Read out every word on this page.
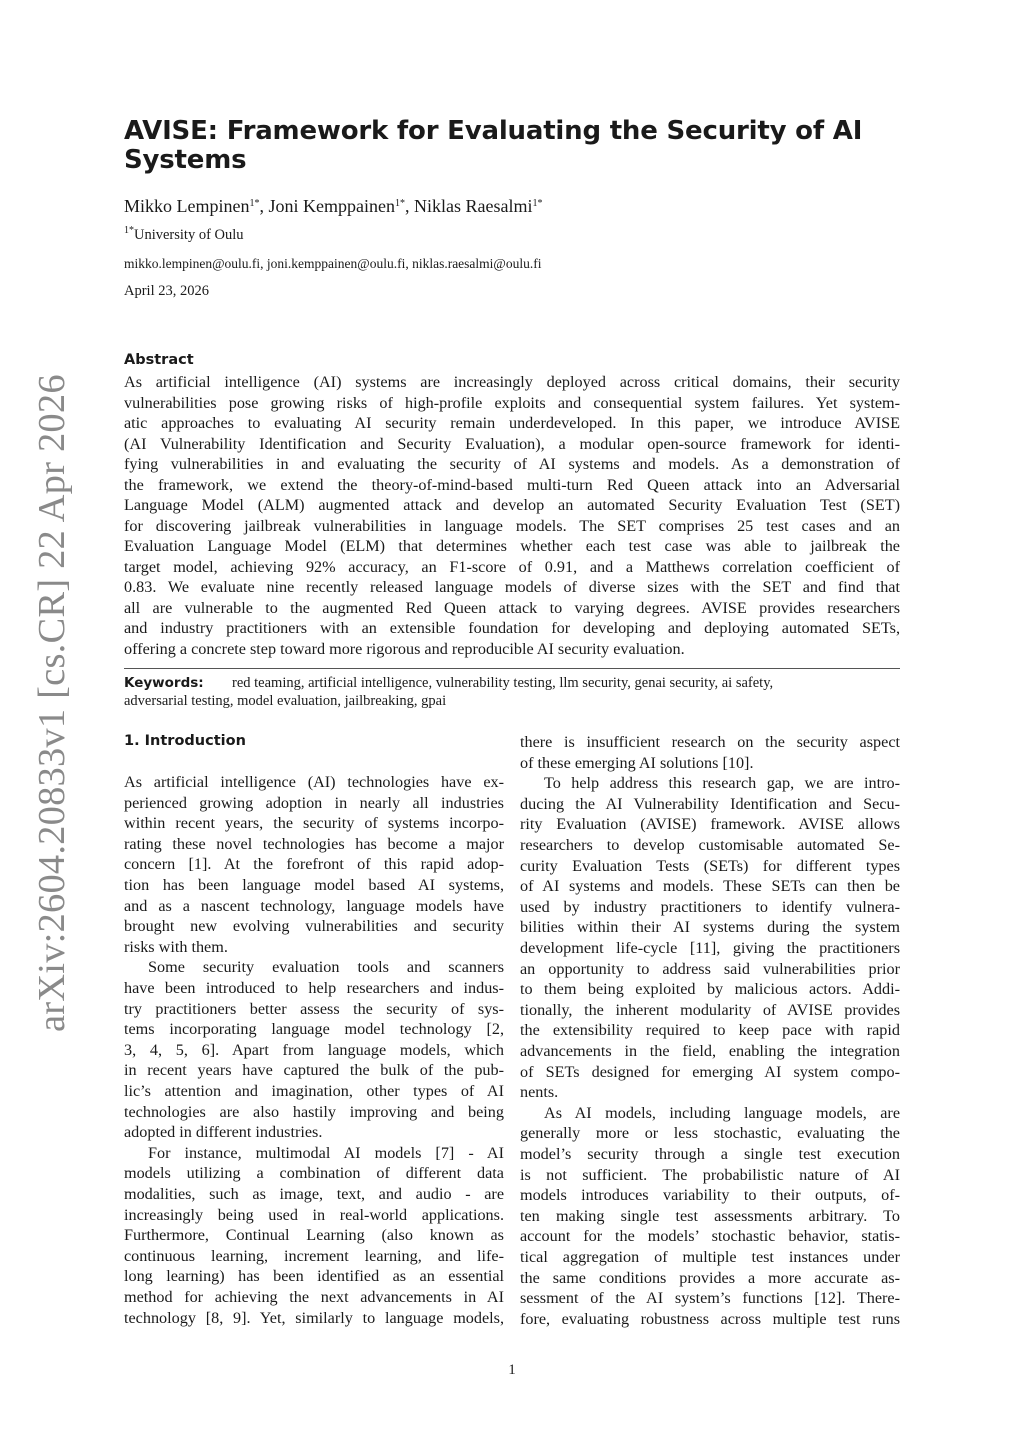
arXiv:2604.20833v1 [cs.CR] 22 Apr 2026
AVISE: Framework for Evaluating the Security of AI Systems
Mikko Lempinen$^{1*}$, Joni Kemppainen$^{1*}$, Niklas Raesalmi$^{1*}$
$^{1*}$University of Oulu
mikko.lempinen@oulu.fi, joni.kemppainen@oulu.fi, niklas.raesalmi@oulu.fi
April 23, 2026
Abstract
As artificial intelligence (AI) systems are increasingly deployed across critical domains, their security
vulnerabilities pose growing risks of high-profile exploits and consequential system failures. Yet system-
atic approaches to evaluating AI security remain underdeveloped. In this paper, we introduce AVISE
(AI Vulnerability Identification and Security Evaluation), a modular open-source framework for identi-
fying vulnerabilities in and evaluating the security of AI systems and models. As a demonstration of
the framework, we extend the theory-of-mind-based multi-turn Red Queen attack into an Adversarial
Language Model (ALM) augmented attack and develop an automated Security Evaluation Test (SET)
for discovering jailbreak vulnerabilities in language models. The SET comprises 25 test cases and an
Evaluation Language Model (ELM) that determines whether each test case was able to jailbreak the
target model, achieving 92% accuracy, an F1-score of 0.91, and a Matthews correlation coefficient of
0.83. We evaluate nine recently released language models of diverse sizes with the SET and find that
all are vulnerable to the augmented Red Queen attack to varying degrees. AVISE provides researchers
and industry practitioners with an extensible foundation for developing and deploying automated SETs,
offering a concrete step toward more rigorous and reproducible AI security evaluation.
Keywords: red teaming, artificial intelligence, vulnerability testing, llm security, genai security, ai safety,
adversarial testing, model evaluation, jailbreaking, gpai
1. Introduction
As artificial intelligence (AI) technologies have ex-
perienced growing adoption in nearly all industries
within recent years, the security of systems incorpo-
rating these novel technologies has become a major
concern [1]. At the forefront of this rapid adop-
tion has been language model based AI systems,
and as a nascent technology, language models have
brought new evolving vulnerabilities and security
risks with them.
Some security evaluation tools and scanners
have been introduced to help researchers and indus-
try practitioners better assess the security of sys-
tems incorporating language model technology [2,
3, 4, 5, 6]. Apart from language models, which
in recent years have captured the bulk of the pub-
lic’s attention and imagination, other types of AI
technologies are also hastily improving and being
adopted in different industries.
For instance, multimodal AI models [7] - AI
models utilizing a combination of different data
modalities, such as image, text, and audio - are
increasingly being used in real-world applications.
Furthermore, Continual Learning (also known as
continuous learning, increment learning, and life-
long learning) has been identified as an essential
method for achieving the next advancements in AI
technology [8, 9]. Yet, similarly to language models,
there is insufficient research on the security aspect
of these emerging AI solutions [10].
To help address this research gap, we are intro-
ducing the AI Vulnerability Identification and Secu-
rity Evaluation (AVISE) framework. AVISE allows
researchers to develop customisable automated Se-
curity Evaluation Tests (SETs) for different types
of AI systems and models. These SETs can then be
used by industry practitioners to identify vulnera-
bilities within their AI systems during the system
development life-cycle [11], giving the practitioners
an opportunity to address said vulnerabilities prior
to them being exploited by malicious actors. Addi-
tionally, the inherent modularity of AVISE provides
the extensibility required to keep pace with rapid
advancements in the field, enabling the integration
of SETs designed for emerging AI system compo-
nents.
As AI models, including language models, are
generally more or less stochastic, evaluating the
model’s security through a single test execution
is not sufficient. The probabilistic nature of AI
models introduces variability to their outputs, of-
ten making single test assessments arbitrary. To
account for the models’ stochastic behavior, statis-
tical aggregation of multiple test instances under
the same conditions provides a more accurate as-
sessment of the AI system’s functions [12]. There-
fore, evaluating robustness across multiple test runs
1
